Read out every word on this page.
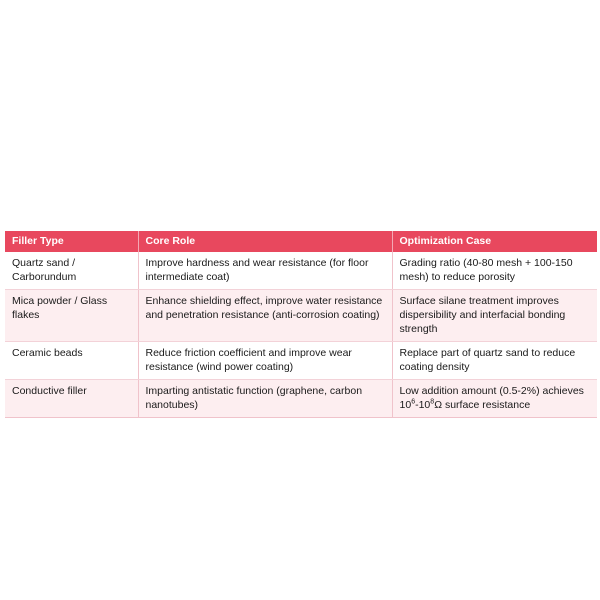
Filler Type	Core Role	Optimization Case
Quartz sand / Carborundum	Improve hardness and wear resistance (for floor intermediate coat)	Grading ratio (40-80 mesh + 100-150 mesh) to reduce porosity
Mica powder / Glass flakes	Enhance shielding effect, improve water resistance and penetration resistance (anti-corrosion coating)	Surface silane treatment improves dispersibility and interfacial bonding strength
Ceramic beads	Reduce friction coefficient and improve wear resistance (wind power coating)	Replace part of quartz sand to reduce coating density
Conductive filler	Imparting antistatic function (graphene, carbon nanotubes)	Low addition amount (0.5-2%) achieves $10^6-10^8\Omega$ surface resistance
